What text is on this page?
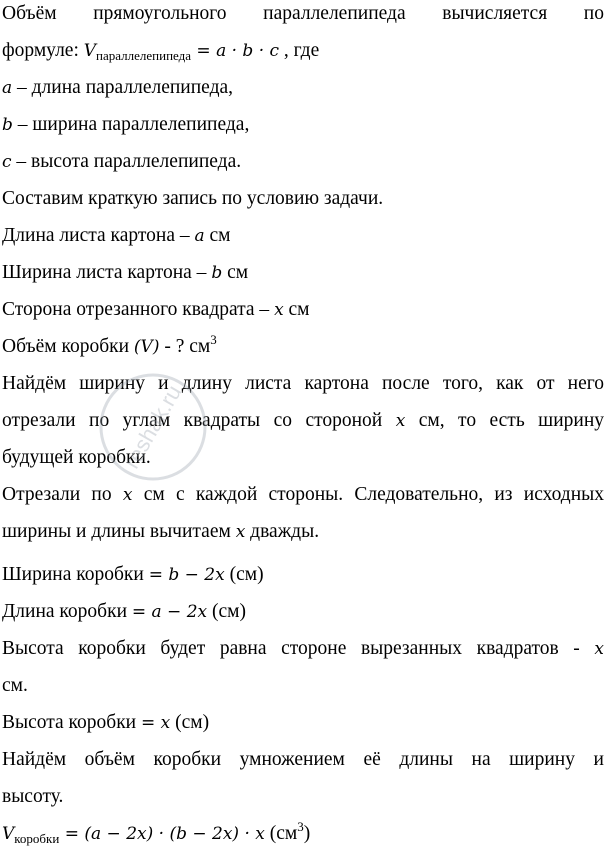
Объём прямоугольного параллелепипеда вычисляется по
формуле: $V_{параллелепипеда} = a \cdot b \cdot c$ , где
a – длина параллелепипеда,
b – ширина параллелепипеда,
c – высота параллелепипеда.
Составим краткую запись по условию задачи.
Длина листа картона – a см
Ширина листа картона – b см
Сторона отрезанного квадрата – x см
Объём коробки (V) - ? $см^3$
Найдём ширину и длину листа картона после того, как от него
отрезали по углам квадраты со стороной x см, то есть ширину
будущей коробки.
Отрезали по x см с каждой стороны. Следовательно, из исходных
ширины и длины вычитаем x дважды.
Ширина коробки = b − 2x (см)
Длина коробки = a − 2x (см)
Высота коробки будет равна стороне вырезанных квадратов - x
см.
Высота коробки = x (см)
Найдём объём коробки умножением её длины на ширину и
высоту.
$V_{коробки} = (a - 2x) \cdot (b - 2x) \cdot x$ $(см^3)$
reshak.ru
